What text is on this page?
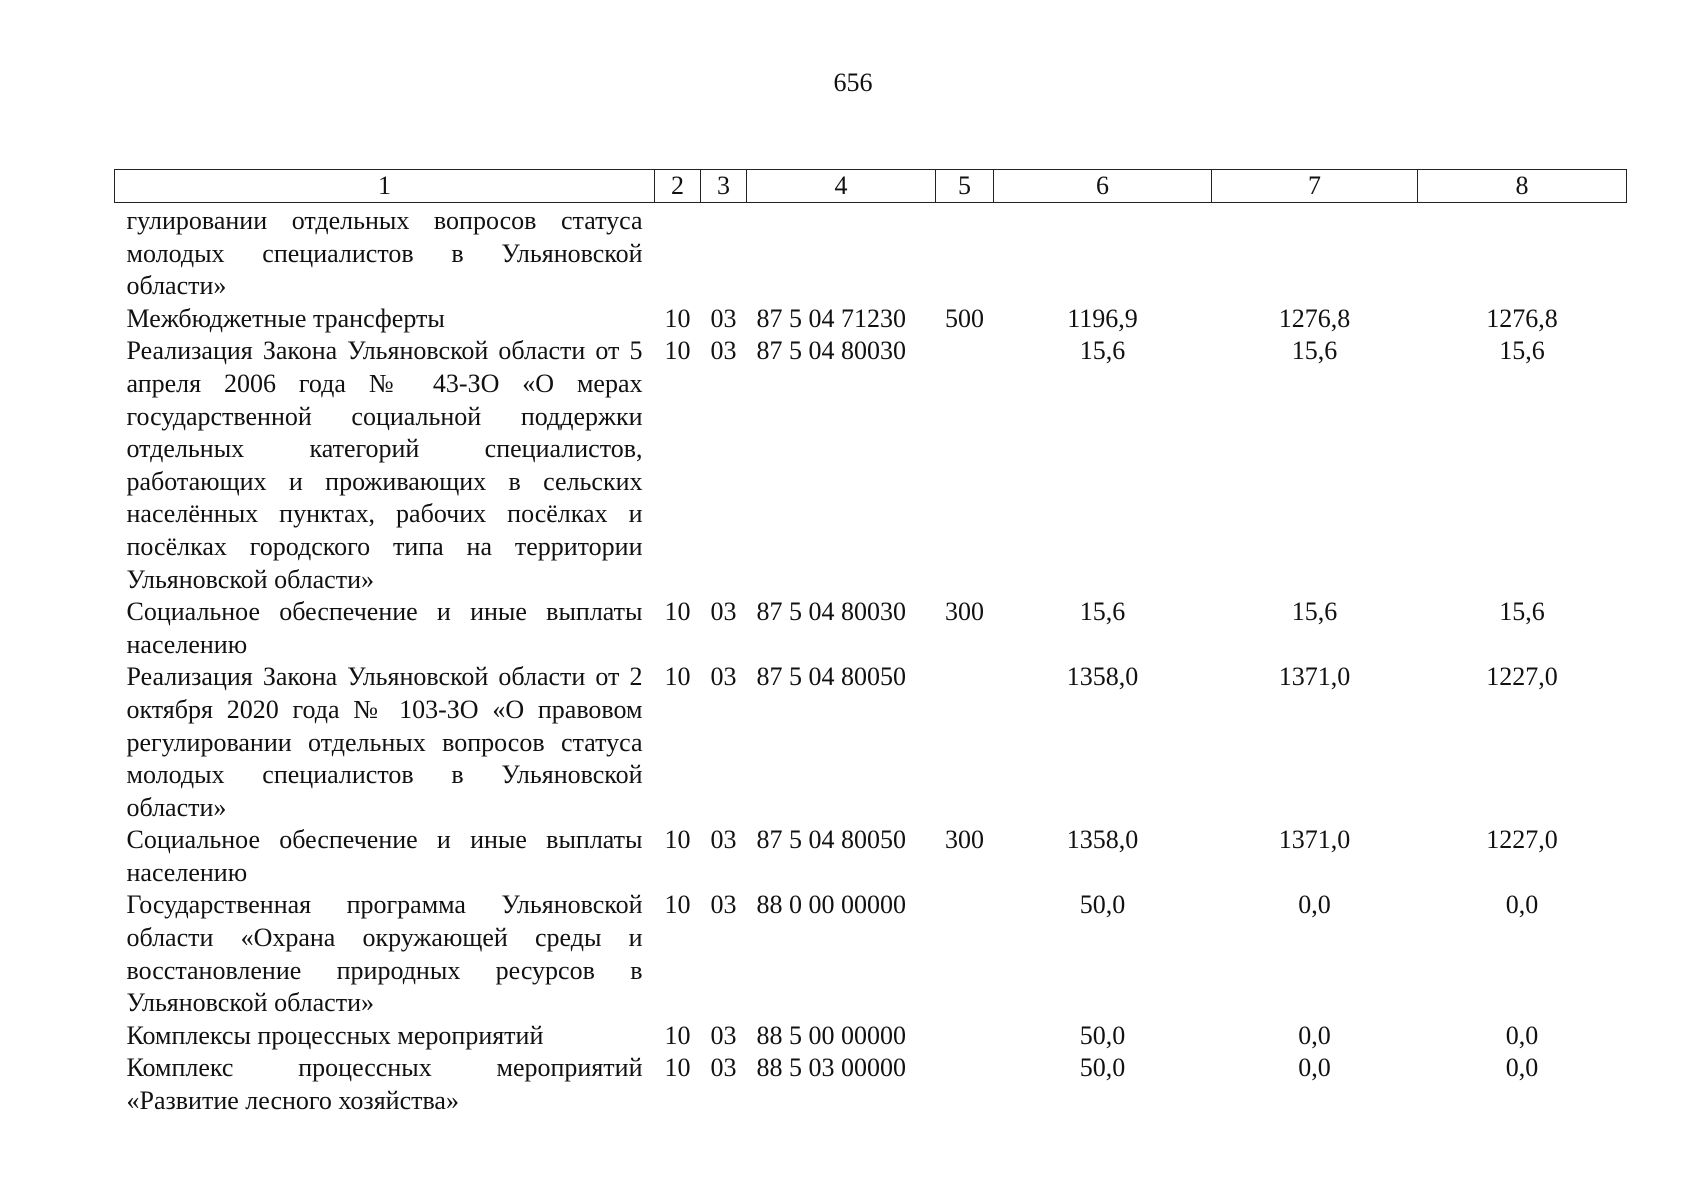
656
1	2	3	4	5	6	7	8
гулировании отдельных вопросов статуса молодых специалистов в Ульяновской области»							
Межбюджетные трансферты	10	03	87 5 04 71230	500	1196,9	1276,8	1276,8
Реализация Закона Ульяновской области от 5 апреля 2006 года № 43-ЗО «О мерах государственной социальной поддержки отдельных категорий специалистов, работающих и проживающих в сельских населённых пунктах, рабочих посёлках и посёлках городского типа на территории Ульяновской области»	10	03	87 5 04 80030		15,6	15,6	15,6
Социальное обеспечение и иные выплаты населению	10	03	87 5 04 80030	300	15,6	15,6	15,6
Реализация Закона Ульяновской области от 2 октября 2020 года № 103-ЗО «О правовом регулировании отдельных вопросов статуса молодых специалистов в Ульяновской области»	10	03	87 5 04 80050		1358,0	1371,0	1227,0
Социальное обеспечение и иные выплаты населению	10	03	87 5 04 80050	300	1358,0	1371,0	1227,0
Государственная программа Ульяновской области «Охрана окружающей среды и восстановление природных ресурсов в Ульяновской области»	10	03	88 0 00 00000		50,0	0,0	0,0
Комплексы процессных мероприятий	10	03	88 5 00 00000		50,0	0,0	0,0
Комплекс процессных мероприятий «Развитие лесного хозяйства»	10	03	88 5 03 00000		50,0	0,0	0,0
